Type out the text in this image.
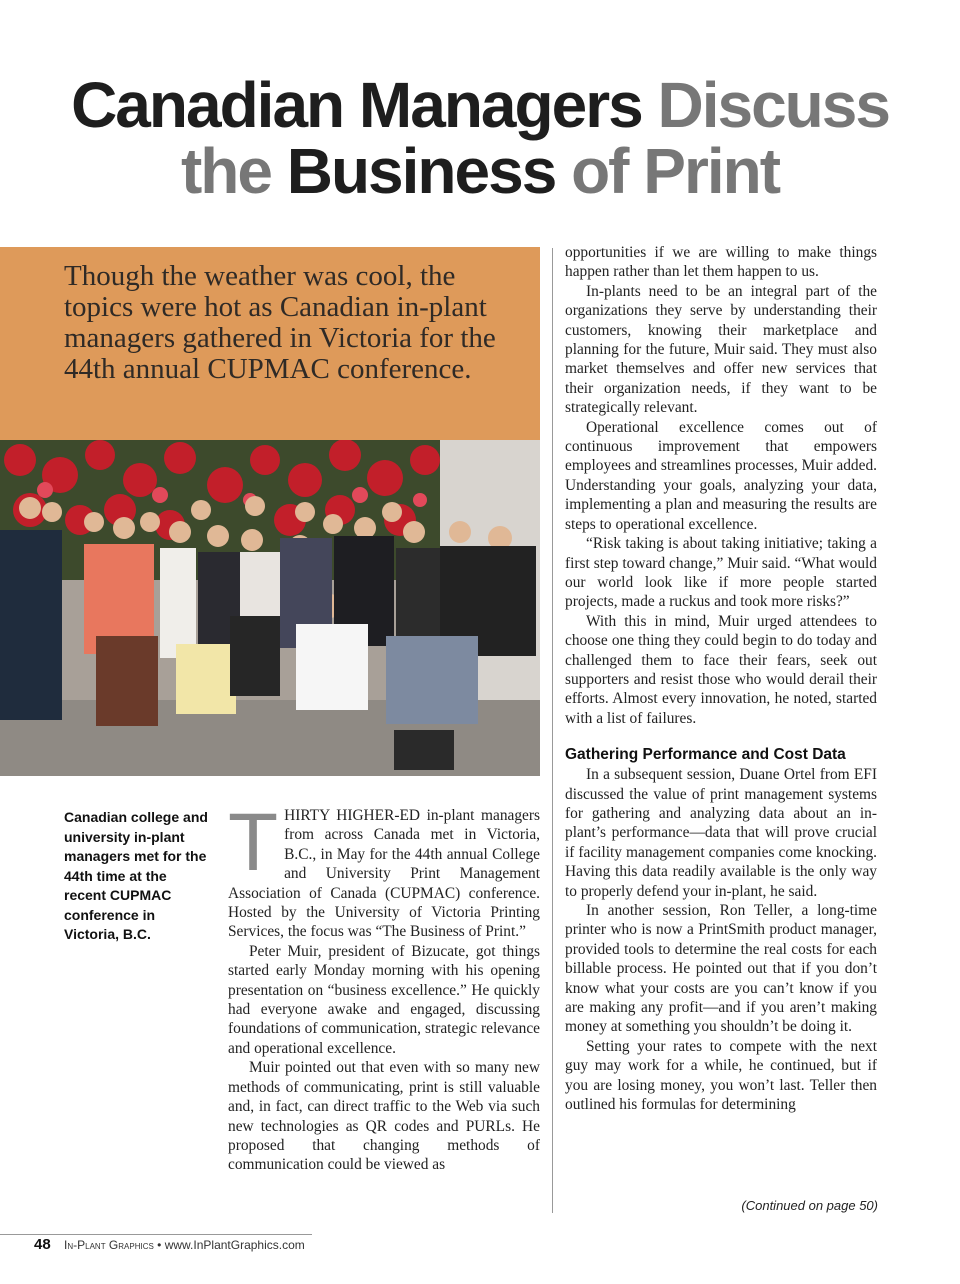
Canadian Managers Discuss
the Business of Print

Though the weather was cool, the topics were hot as Canadian in-plant managers gathered in Victoria for the 44th annual CUPMAC conference.

Canadian college and university in-plant managers met for the 44th time at the recent CUPMAC conference in Victoria, B.C.

THIRTY HIGHER-ED in-plant managers from across Canada met in Victoria, B.C., in May for the 44th annual College and University Print Management Association of Canada (CUPMAC) conference. Hosted by the University of Victoria Printing Services, the focus was “The Business of Print.”

Peter Muir, president of Bizucate, got things started early Monday morning with his opening presentation on “business excellence.” He quickly had everyone awake and engaged, discussing foundations of communication, strategic relevance and operational excellence.

Muir pointed out that even with so many new methods of communicating, print is still valuable and, in fact, can direct traffic to the Web via such new technologies as QR codes and PURLs. He proposed that changing methods of communication could be viewed as

opportunities if we are willing to make things happen rather than let them happen to us.

In-plants need to be an integral part of the organizations they serve by understanding their customers, knowing their marketplace and planning for the future, Muir said. They must also market themselves and offer new services that their organization needs, if they want to be strategically relevant.

Operational excellence comes out of continuous improvement that empowers employees and streamlines processes, Muir added. Understanding your goals, analyzing your data, implementing a plan and measuring the results are steps to operational excellence.

“Risk taking is about taking initiative; taking a first step toward change,” Muir said. “What would our world look like if more people started projects, made a ruckus and took more risks?”

With this in mind, Muir urged attendees to choose one thing they could begin to do today and challenged them to face their fears, seek out supporters and resist those who would derail their efforts. Almost every innovation, he noted, started with a list of failures.

Gathering Performance and Cost Data

In a subsequent session, Duane Ortel from EFI discussed the value of print management systems for gathering and analyzing data about an in-plant’s performance—data that will prove crucial if facility management companies come knocking. Having this data readily available is the only way to properly defend your in-plant, he said.

In another session, Ron Teller, a long-time printer who is now a PrintSmith product manager, provided tools to determine the real costs for each billable process. He pointed out that if you don’t know what your costs are you can’t know if you are making any profit—and if you aren’t making money at something you shouldn’t be doing it.

Setting your rates to compete with the next guy may work for a while, he continued, but if you are losing money, you won’t last. Teller then outlined his formulas for determining

(Continued on page 50)
48 In-Plant Graphics • www.InPlantGraphics.com
